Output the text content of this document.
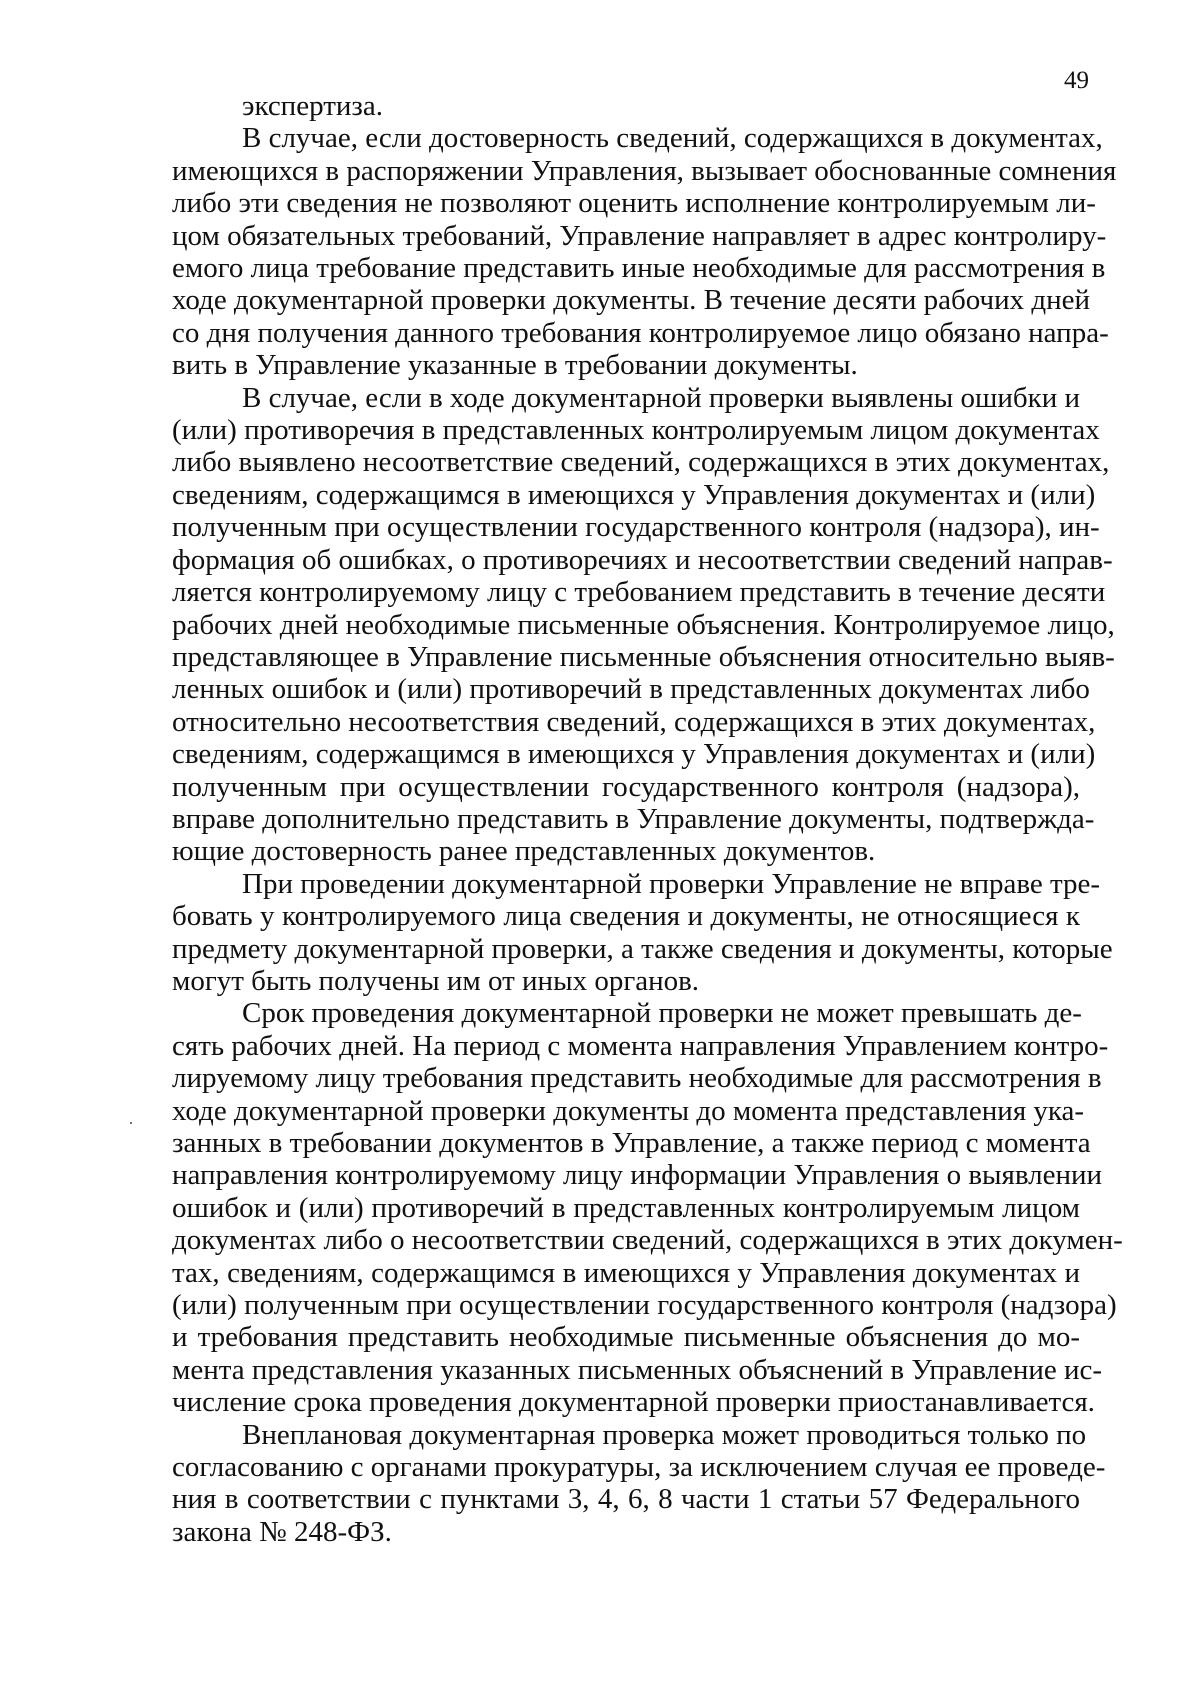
49
экспертиза.
В случае, если достоверность сведений, содержащихся в документах,
имеющихся в распоряжении Управления, вызывает обоснованные сомнения
либо эти сведения не позволяют оценить исполнение контролируемым ли-
цом обязательных требований, Управление направляет в адрес контролиру-
емого лица требование представить иные необходимые для рассмотрения в
ходе документарной проверки документы. В течение десяти рабочих дней
со дня получения данного требования контролируемое лицо обязано напра-
вить в Управление указанные в требовании документы.
В случае, если в ходе документарной проверки выявлены ошибки и
(или) противоречия в представленных контролируемым лицом документах
либо выявлено несоответствие сведений, содержащихся в этих документах,
сведениям, содержащимся в имеющихся у Управления документах и (или)
полученным при осуществлении государственного контроля (надзора), ин-
формация об ошибках, о противоречиях и несоответствии сведений направ-
ляется контролируемому лицу с требованием представить в течение десяти
рабочих дней необходимые письменные объяснения. Контролируемое лицо,
представляющее в Управление письменные объяснения относительно выяв-
ленных ошибок и (или) противоречий в представленных документах либо
относительно несоответствия сведений, содержащихся в этих документах,
сведениям, содержащимся в имеющихся у Управления документах и (или)
полученным при осуществлении государственного контроля (надзора),
вправе дополнительно представить в Управление документы, подтвержда-
ющие достоверность ранее представленных документов.
При проведении документарной проверки Управление не вправе тре-
бовать у контролируемого лица сведения и документы, не относящиеся к
предмету документарной проверки, а также сведения и документы, которые
могут быть получены им от иных органов.
Срок проведения документарной проверки не может превышать де-
сять рабочих дней. На период с момента направления Управлением контро-
лируемому лицу требования представить необходимые для рассмотрения в
ходе документарной проверки документы до момента представления ука-
занных в требовании документов в Управление, а также период с момента
направления контролируемому лицу информации Управления о выявлении
ошибок и (или) противоречий в представленных контролируемым лицом
документах либо о несоответствии сведений, содержащихся в этих докумен-
тах, сведениям, содержащимся в имеющихся у Управления документах и
(или) полученным при осуществлении государственного контроля (надзора)
и требования представить необходимые письменные объяснения до мо-
мента представления указанных письменных объяснений в Управление ис-
числение срока проведения документарной проверки приостанавливается.
Внеплановая документарная проверка может проводиться только по
согласованию с органами прокуратуры, за исключением случая ее проведе-
ния в соответствии с пунктами 3, 4, 6, 8 части 1 статьи 57 Федерального
закона № 248-ФЗ.
